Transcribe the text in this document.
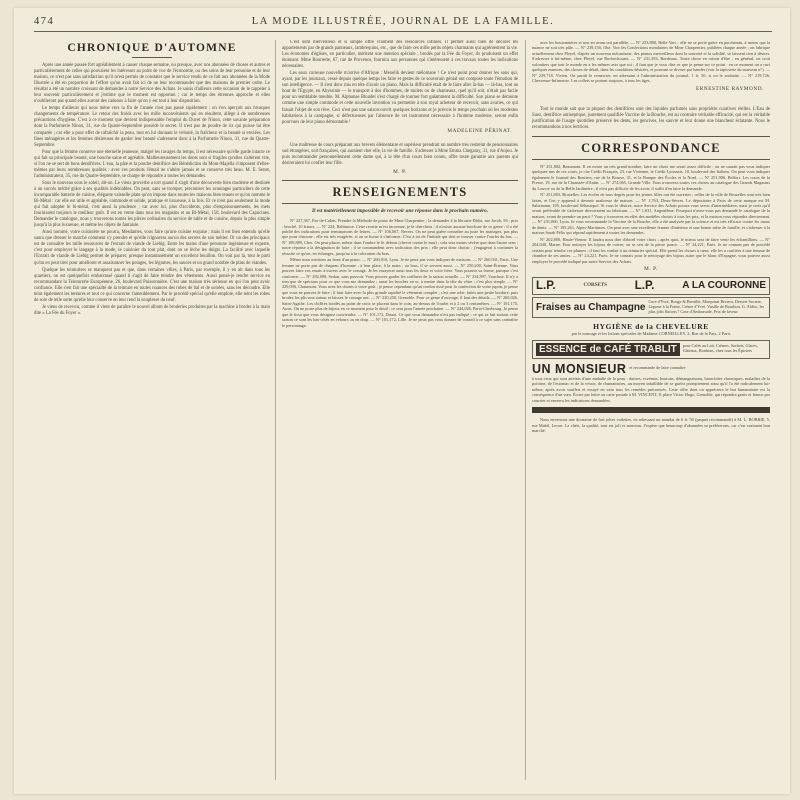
474	LA MODE ILLUSTRÉE, JOURNAL DE LA FAMILLE.
CHRONIQUE D'AUTOMNE

Après une année passée fort agréablement à causer chaque semaine, ou presque, avec nos abonnées de choses et autres et particulièrement de celles qui pouvaient les intéresser au point de vue de l'économie, ou des soins de leur personne et de leur maison, ce n'est pas sans satisfaction qu'il m'est permis de constater que le service rendu de ce fait aux abonnées de la Mode Illustrée a été en proportion de l'effort qu'on avait fait ici de ne leur recommander que des maisons de premier ordre. Le résultat a été un nombre croissant de demandes à notre Service des Achats. Je saisis d'ailleurs cette occasion de le rappeler à leur souvenir particulièrement et j'estime que le moment est opportun ; car le temps des étrennes approche et elles n'oublieront pas quand elles auront des cadeaux à faire qu'on y est tout à leur disposition.

Le temps d'ailleurs qui nous mène vers la fin de l'année n'est pas passé rapidement ; on s'en aperçoit aux brusques changements de température. Le retour des froids avec les mille inconvénients qui en résultent, allège à de nombreuses précautions d'hygiène. C'est à ce moment que devient indispensable l'emploi du Duvet de Ninon, cette savante préparation dont la Parfumerie Ninon, 31, rue du Quatre-Septembre possède le secret. Il n'est pas de poudre de riz qui puisse lui être comparée ; car elle a pour effet de rafraîchir la peau, tout en lui donnant le velouté, la fraîcheur et la beauté si enviées. Les fines ménagères et les femmes désireuses de garder leur beauté s'adressent donc à la Parfumerie Ninon, 31, rue du Quatre-Septembre.

Pour que la femme conserve une éternelle jeunesse, malgré les ravages du temps, il est nécessaire qu'elle garde intacte ce qui fait sa principale beauté, une bouche saine et agréable. Malheureusement les dents sont si fragiles qu'elles s'altèrent vite, si l'on ne se sert de bons dentifrices. L'eau, la pâte et la poudre dentifrice des Bénédictins du Mont-Majella s'imposent d'elles-mêmes par leurs nombreuses qualités : avec ces produits l'émail ne s'altère jamais et se conserve très beau. M. E. Senet, l'administrateur, 35, rue du Quatre-Septembre, se charge de répondre à toutes les demandes.

Sous le nouveau sous le soleil, dit-on. Le vieux proverbe a tort quand il s'agit d'une découverte bien moderne et destinée à un succès mérité grâce à ses qualités indéniables. On peut, sans se tromper, préconiser les avantages particuliers de cette incomparable batterie de cuisine, élégante vaisselle plate qu'on impose dans toutes les maisons bien tenues et qu'on nomme le Bi-Métal : car elle est utile et agréable, commode et solide, pratique et luxueuse, à la fois. Et ce n'est pas seulement la mode qui fait adopter le bi-métal, c'est aussi la prudence ; car avec lui, plus d'accidents, plus d'empoisonnements, les mets fournissent toujours le meilleur goût. Il est en vente dans tous les magasins et au Bi-Métal, 150, boulevard des Capucines. Demander le catalogue, nous y trouverons toutes les pièces ordinaires du service de table et de cuisine, depuis la plus simple jusqu'à la plus luxueuse, et même les objets de fantaisie.

Ainsi nommé, votre cuisinière ne pourra, Mesdames, vous faire qu'une cuisine exquise ; mais il est bien entendu qu'elle saura que dresser le marché comment s'y prendre et qu'elle n'ignorera aucun des secrets de son métier. Or un des principaux est de connaître les mille ressources de l'extrait de viande de Liebig. Entre les mains d'une personne ingénieuse et experte, c'est pour employer le langage à la mode, le cuisinier du tout plat, dont on se lèche les doigts. La facilité avec laquelle l'Extrait de viande de Liebig permet de préparer, presque instantanément un excellent bouillon. On voit par là, tout le parti qu'on en peut tirer pour améliorer et assaisonner les potages, les légumes, les sauces et un grand nombre de plats de viandes.

Quelque les teinturiers se manquent pas et que, dans certaines villes, à Paris, par exemple, il y en ait dans tous les quartiers, on est quelquefois embarrassé quand il s'agit de faire teindre des vêtements. Aussi pensé-je rendre service en recommandant la Teinturerie Européenne, 26, boulevard Poissonnière. C'est une maison très sérieuse en qui l'on peut avoir confiance. Elle s'est fait une spécialité de la teinture en toutes nuances des robes de bal et de soirées, sans les découdre. Elle teint également les tentures et tout ce qui concerne l'ameublement. Par le procédé spécial qu'elle emploie, elle teint les robes de soie de telle sorte qu'elle leur conserve en leur rend la souplesse du neuf.

Je viens de recevoir, comme il vient de paraître le nouvel album de broderies produites par la machine à broder à la main dite « La Fée du Foyer ».

C'est outil merveilleux et si simple offre vraiment des ressources infinies. Il permet aussi bien de décorer les appartements par de grands panneaux, lambrequins, etc., que de faire ces mille petits objets charmants qui agrémentent la vie. Les économes d'églises, en particulier, méritent une mention spéciale ; brodés par la Fée du Foyer, ils produisent un effet étonnant. Mme Bourrette, 67, rue de Provence, fournira aux personnes qui s'intéressent à ces travaux toutes les indications nécessaires.

Les eaux curieuse nouvelle m'arrive d'Afrique : Menelik devient mélomane ! Ce n'est point pour donner les sons qui, ayant, par les journaux, cessé depuis quelque temps les faire et gestes de ce souverain génial ont composé toute l'émotion de son intelligence. — Il s'est donc mis en tête d'avoir un piano. Mais la difficulté était de le faire aller là-bas — là-bas, tout au bout de l'Égypte, en Abyssinie — le transport à dos d'hommes, de mulets ou de chameaux, quel qu'il soit, n'était pas facile pour un semblable meuble. M. Alphonse Blondel s'est chargé de tourner fort galamment la difficulté. Son piano se démonte comme une simple commode et cette nouvelle invention va permettre à son royal acheteur de recevoir, sans avaries, ce qui faisait l'objet de son rêve. Ceci n'est pas une saison ouvrit quelques horizons et je prévois le temps prochain où les modestes habitations à la campagne, si défectueuses par l'absence de cet instrument nécessaire à l'homme moderne, seront enfin pourvues de leur piano démontable !

MADELEINE PÉRINAT.

Une maîtresse de cours préparant aux brevets élémentaire et supérieur prendrait un nombre très restreint de pensionnaires sud étrangères, soit françaises, qui auraient cher elle, la vie de famille. S'adresser à Mme Emma Chegaray, 31, rue d'Anjou. Je puis recommander personnellement cette dame qui, à la tête d'un cours bien connu, offre toute garantie aux parents qui désireraient lui confier leur fille.

M. P.
RENSEIGNEMENTS
Il est matériellement impossible de recevoir une réponse dans le prochain numéro.

N° 227,367, Pas-de-Calais. Prendre la Méthode de piano de Mme Charpentier ; la demander à la librairie Didot, rue Jacob, 56 ; prix : broché, 10 francs. — N° 224, Baltimore. Cette recette m'est inconnue, je le cherchera ; il n'existe aucune brochure de ce genre ; il a été publié des indications pour terminaisons de lettres. — N° 106,067, Nevers. On ne peut guère connaître au juste les mariages, pas plus que pour chacune ; elle est très exagérée, si on se borne à s'informer. C'est à toi de l'initiale qui doit se trouver contre l'ourlet du bas. — N° 189,889, Cher. On peut placer, même dans l'ombre le lit debout (chevet contre le mur) ; cela sera moins sévère que dans l'autre sens ; notre réponse a la désignation de faire ; il se commandent avec indication des prix ; elle peut donc choisir ; j'engagerai à continuer la réussite ce qu'on, en échanges, jusqu'au à la coloration du bras.

Même nous mettions au front d'un piano. — N° 260,010, Lyon. Je ne peux pas vous indiquer de maisons. — N° 260,031, Paris. Une femme ne porte pas de chapeau d'homme ; à leur place, à la main ; au bras, il se servent aussi. — N° 250,200, Saint-Étienne. Vous pouvez faire vos essais à travers avec le corsage. Je les essayerai aussi tous les deux et votre frère. Vous pourrez sa forme, puisque c'est conforme. — N° 282,008, Sedan, sans pouvoir. Vous pouvez garder les coiffures de la saison actuelle. — N° 234,897, Vaucluse. Il n'y a rien que de spéciaux pour ce que vous me demandez ; aussi les broches en or, à mettre dans la tête du vôtre ; c'est plus simple. — N° 229,096, Chaumont. Vous avez les choses à votre goût ; je pense cependant qu'un cordon tissé pour la confection de votre jupon, je pense que vous ne pouvez le faire ; il faut faire avec la plus grande rapidité le vêtement complet ; c'est une robe, faites une petite bordure, puis brodez les plis tout autour et laissez le corsage uni. — N° 220,250, Grenoble. Pour ce genre d'ouvrage, il faut des détails. — N° 260,026, Saint-Agathe. Les chiffres brodés au point de croix se placent dans le coin, au-dessus de l'ourlet et à 2 ou 3 centimètres. — N° 101,175, Arras. On ne porte plus de bijoux en ce moment pour le deuil ; ce sera pour l'année prochaine. — N° 244,026, Paris-Cherbourg. Je pense que le tissu que vous désignez conviendra. — N° 101,172, Douai. Ce que vous demandez n'est pas indiqué ; ce qui se fait surtout cette saison ce sont les bas-côtés en velours ou en drap. — N° 101,172, Lille. Je ne peux pas vous donner de conseil à ce sujet sans connaître le personnage.

avec les boutonnières et non en avant tait parallèle. — N° 253,880, Belle-Vert... elle ne se porte guère en parchemin, à moins que la nuance ne soit très pâle. — N° 239,150, Ohé. Voir les Confections mondaines de Mme Charpentier, publiées chaque année ; on fabrique actuellement chez Pleyel, d'après un nouveau mécanisme, des pianos merveilleux dont la sonorité et la solidité, se laissent rien à désirer. S'adresser à lui-même, chez Pleyel, rue Rochechouart. — N° 231,393, Bordeaux. Toute chose en raison d'être ; en général, on croit volontiers que tout le monde en a les mêmes avis que soi ; il faut que je vous dise ce que je pense sur ce point : en ce moment on a ravi quelques nuances, des choses de détail, dans les conditions désirées, et pouvant se diviser par bandes (voir la tapisserie du nouveau n°). — N° 239,718, Vivien. On paraît le remercier, en adressant à l'administration du journal, 1 fr. 50, si on le souhaite. — N° 219,726, Chevreuse-Infirmerie. Les collets se portent toujours, à tous les âges.

ERNESTINE RAYMOND.

Tout le monde sait que la plupart des dentifrices sont des liquides parfumés sans propriétés curatives réelles. L'Eau de Suez, dentifrice antiseptique, justement qualifiée Vaccine de la Bouche, est au contraire véritable efficacité, qui est la véritable justification de l'usage quotidien préservé les dents, les gencives, les sauvre et leur donne une blancheur éclatante. Nous le recommandons à nos lectrices.

CORRESPONDANCE

N° 251,802, Beaumont. Il en existe un très grand nombre, faire un choix me serait assez difficile ; on ne saurait pas vous indiquer quelques-uns de ces cours, je cite Crédit Français, 23, rue Vivienne, le Crédit Lyonnais, 18, boulevard des Italiens. On peut vous indiquer également le Journal des Rentiers, rue de la Bourse, 31, et la Banque des Écoles et la Nord. — N° 251,906, Belfort. Les cours de la Presse, 19, rue de la Chaussée-d'Antin. — N° 274,065, Grande Ville. Vous trouverez toutes ces choses au catalogue des Grands Magasins du Louvre ou de la Belle Jardinière ; il n'est pas difficile de les avoir, il suffit d'en faire la demande.

N° 251,803, Bruxelles. Les écoles de tous degrés pour les jeunes filles ont été ouvertes ; celles de la ville de Bruxelles sont très bien faites, et l'on y apprend à devenir maîtresse de maison. — N° 1,763, Deux-Sèvres. Le dépositaire à Paris de cette marque est M. Saltzmann, 105, boulevard Sébastopol. Si vous le désirez, notre Service des Achats pourra vous servir d'intermédiaire, mais je crois qu'il serait préférable de s'adresser directement au fabricant. — N° 1,631, Angoulême. Pourquoi n'avez-vous pas demandé le catalogue de la maison, avant de prendre un parti ? Vous y trouverez en effet des modèles choisis à tous les prix, et la maison vous répondra directement. — N° 231,060, Lyon. Je vous recommande la Vaccine de la Bouche, elle a été analysée par la science et est très efficace contre les maux de dents. — N° 195,261, Alpes-Maritimes. On peut avec une excellente femme d'intérieur et une bonne mère de famille, et s'adresser à la maison Sarah Félix qui répond rapidement à toutes les demandes.

N° 202,800, Haute-Vienne. Il faudra nous dire d'abord votre choix ; après quoi, le mieux sera de faire venir les échantillons. — N° 204,040, Marne. Pour nettoyer les bijoux de cuivre, on se sert de la pierre ponce. — N° 24,221, Paris. Je ne connais pas de procédé certain pour teindre ces plumes ; il faut les confier à un teinturier spécial. Elle prend les choses à cœur, elle les a confiées à une femme de chambre de ses amies. — N° 24,221, Paris. Je ne connais pour le nettoyage des bijoux autre que le blanc d'Espagne, vous pouvez aussi employer le procédé indiqué par notre Service des Achats.

M. P.
L.P.	CORSETS L.P.	A LA COURONNE
Fraises au Champagne
Cure d'Yvré, Rouge & Breuille, Marquisat Riviera, Dessert Societe, Liqueur à la Fraise, Crème d'Yvré, Vanille de Bourbon, G. Aldric, les plus jolis flacons ! Case d'Ambassade, Prix de faveur.
HYGIÈNE de la CHEVELURE
par le massage et les lotions spéciales de Madame CORNEILLEY, 2, Rue de la Paix, 2 Paris
ESSENCE de CAFÉ TRABLIT	pour Cafés au Lait, Crèmes, Sorbets, Glaces, Gâteaux, Bonbons, chez tous les Épiciers
UN MONSIEUR et recommande de faire connaître

à tous ceux qui sont atteints d'une maladie de la peau : dartres, eczémas, boutons, démangeaisons, bronchites chroniques, maladies de la poitrine, de l'estomac et de la vessie, de rhumatismes, un moyen infaillible de se guérir promptement ainsi qu'il l'a été radicalement lui-même, après avoir souffert et essayé en vain tous les remèdes préconisés. Cette offre dont on appréciera le but humanitaire est la conséquence d'un vœu. Écrire par lettre ou carte postale à M. VINCENT, 8, place Victor Hugo, Grenoble, qui répondra gratis et franco par courrier et enverra les indications demandées.

Nous enverrons une douzaine de fort jolies voilettes, en adressant un mandat de 6 fr. 50 (paquet recommandé) à M. L. BOBRIE, 5, rue Mabil, Lecon. Le chéri, la qualité, tout est joli et nouveau. J'espère que beaucoup d'abonnées se préférerons, car c'est vraiment bon marché.
